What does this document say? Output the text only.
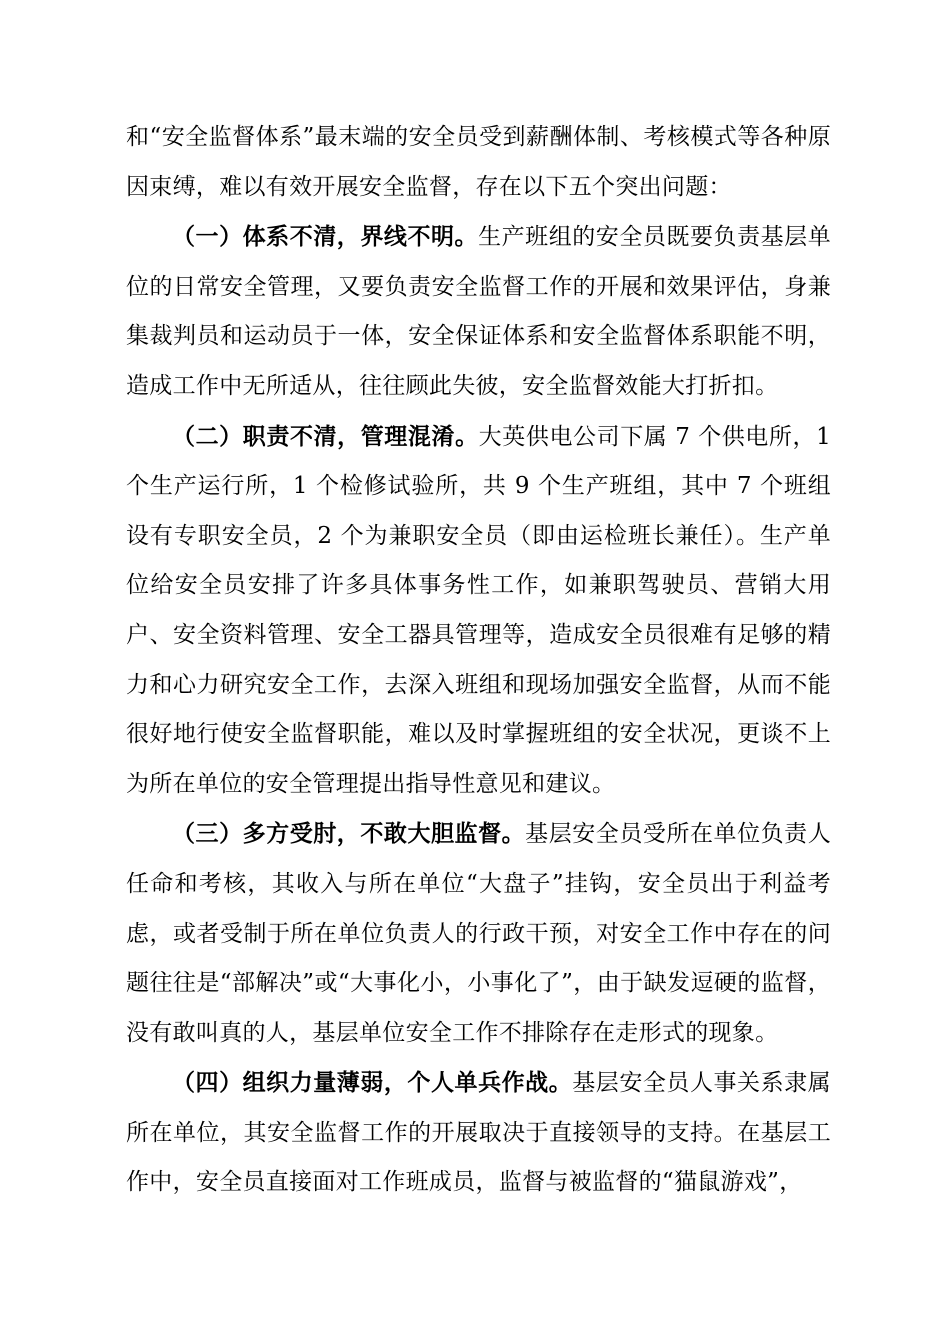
和“安全监督体系”最末端的安全员受到薪酬体制、考核模式等各种原因束缚，难以有效开展安全监督，存在以下五个突出问题：

（一）体系不清，界线不明。生产班组的安全员既要负责基层单位的日常安全管理，又要负责安全监督工作的开展和效果评估，身兼集裁判员和运动员于一体，安全保证体系和安全监督体系职能不明，造成工作中无所适从，往往顾此失彼，安全监督效能大打折扣。

（二）职责不清，管理混淆。大英供电公司下属 7 个供电所，1 个生产运行所，1 个检修试验所，共 9 个生产班组，其中 7 个班组设有专职安全员，2 个为兼职安全员（即由运检班长兼任）。生产单位给安全员安排了许多具体事务性工作，如兼职驾驶员、营销大用户、安全资料管理、安全工器具管理等，造成安全员很难有足够的精力和心力研究安全工作，去深入班组和现场加强安全监督，从而不能很好地行使安全监督职能，难以及时掌握班组的安全状况，更谈不上为所在单位的安全管理提出指导性意见和建议。

（三）多方受肘，不敢大胆监督。基层安全员受所在单位负责人任命和考核，其收入与所在单位“大盘子”挂钩，安全员出于利益考虑，或者受制于所在单位负责人的行政干预，对安全工作中存在的问题往往是“部解决”或“大事化小，小事化了”，由于缺发逗硬的监督，没有敢叫真的人，基层单位安全工作不排除存在走形式的现象。

（四）组织力量薄弱，个人单兵作战。基层安全员人事关系隶属所在单位，其安全监督工作的开展取决于直接领导的支持。在基层工作中，安全员直接面对工作班成员，监督与被监督的“猫鼠游戏”，
